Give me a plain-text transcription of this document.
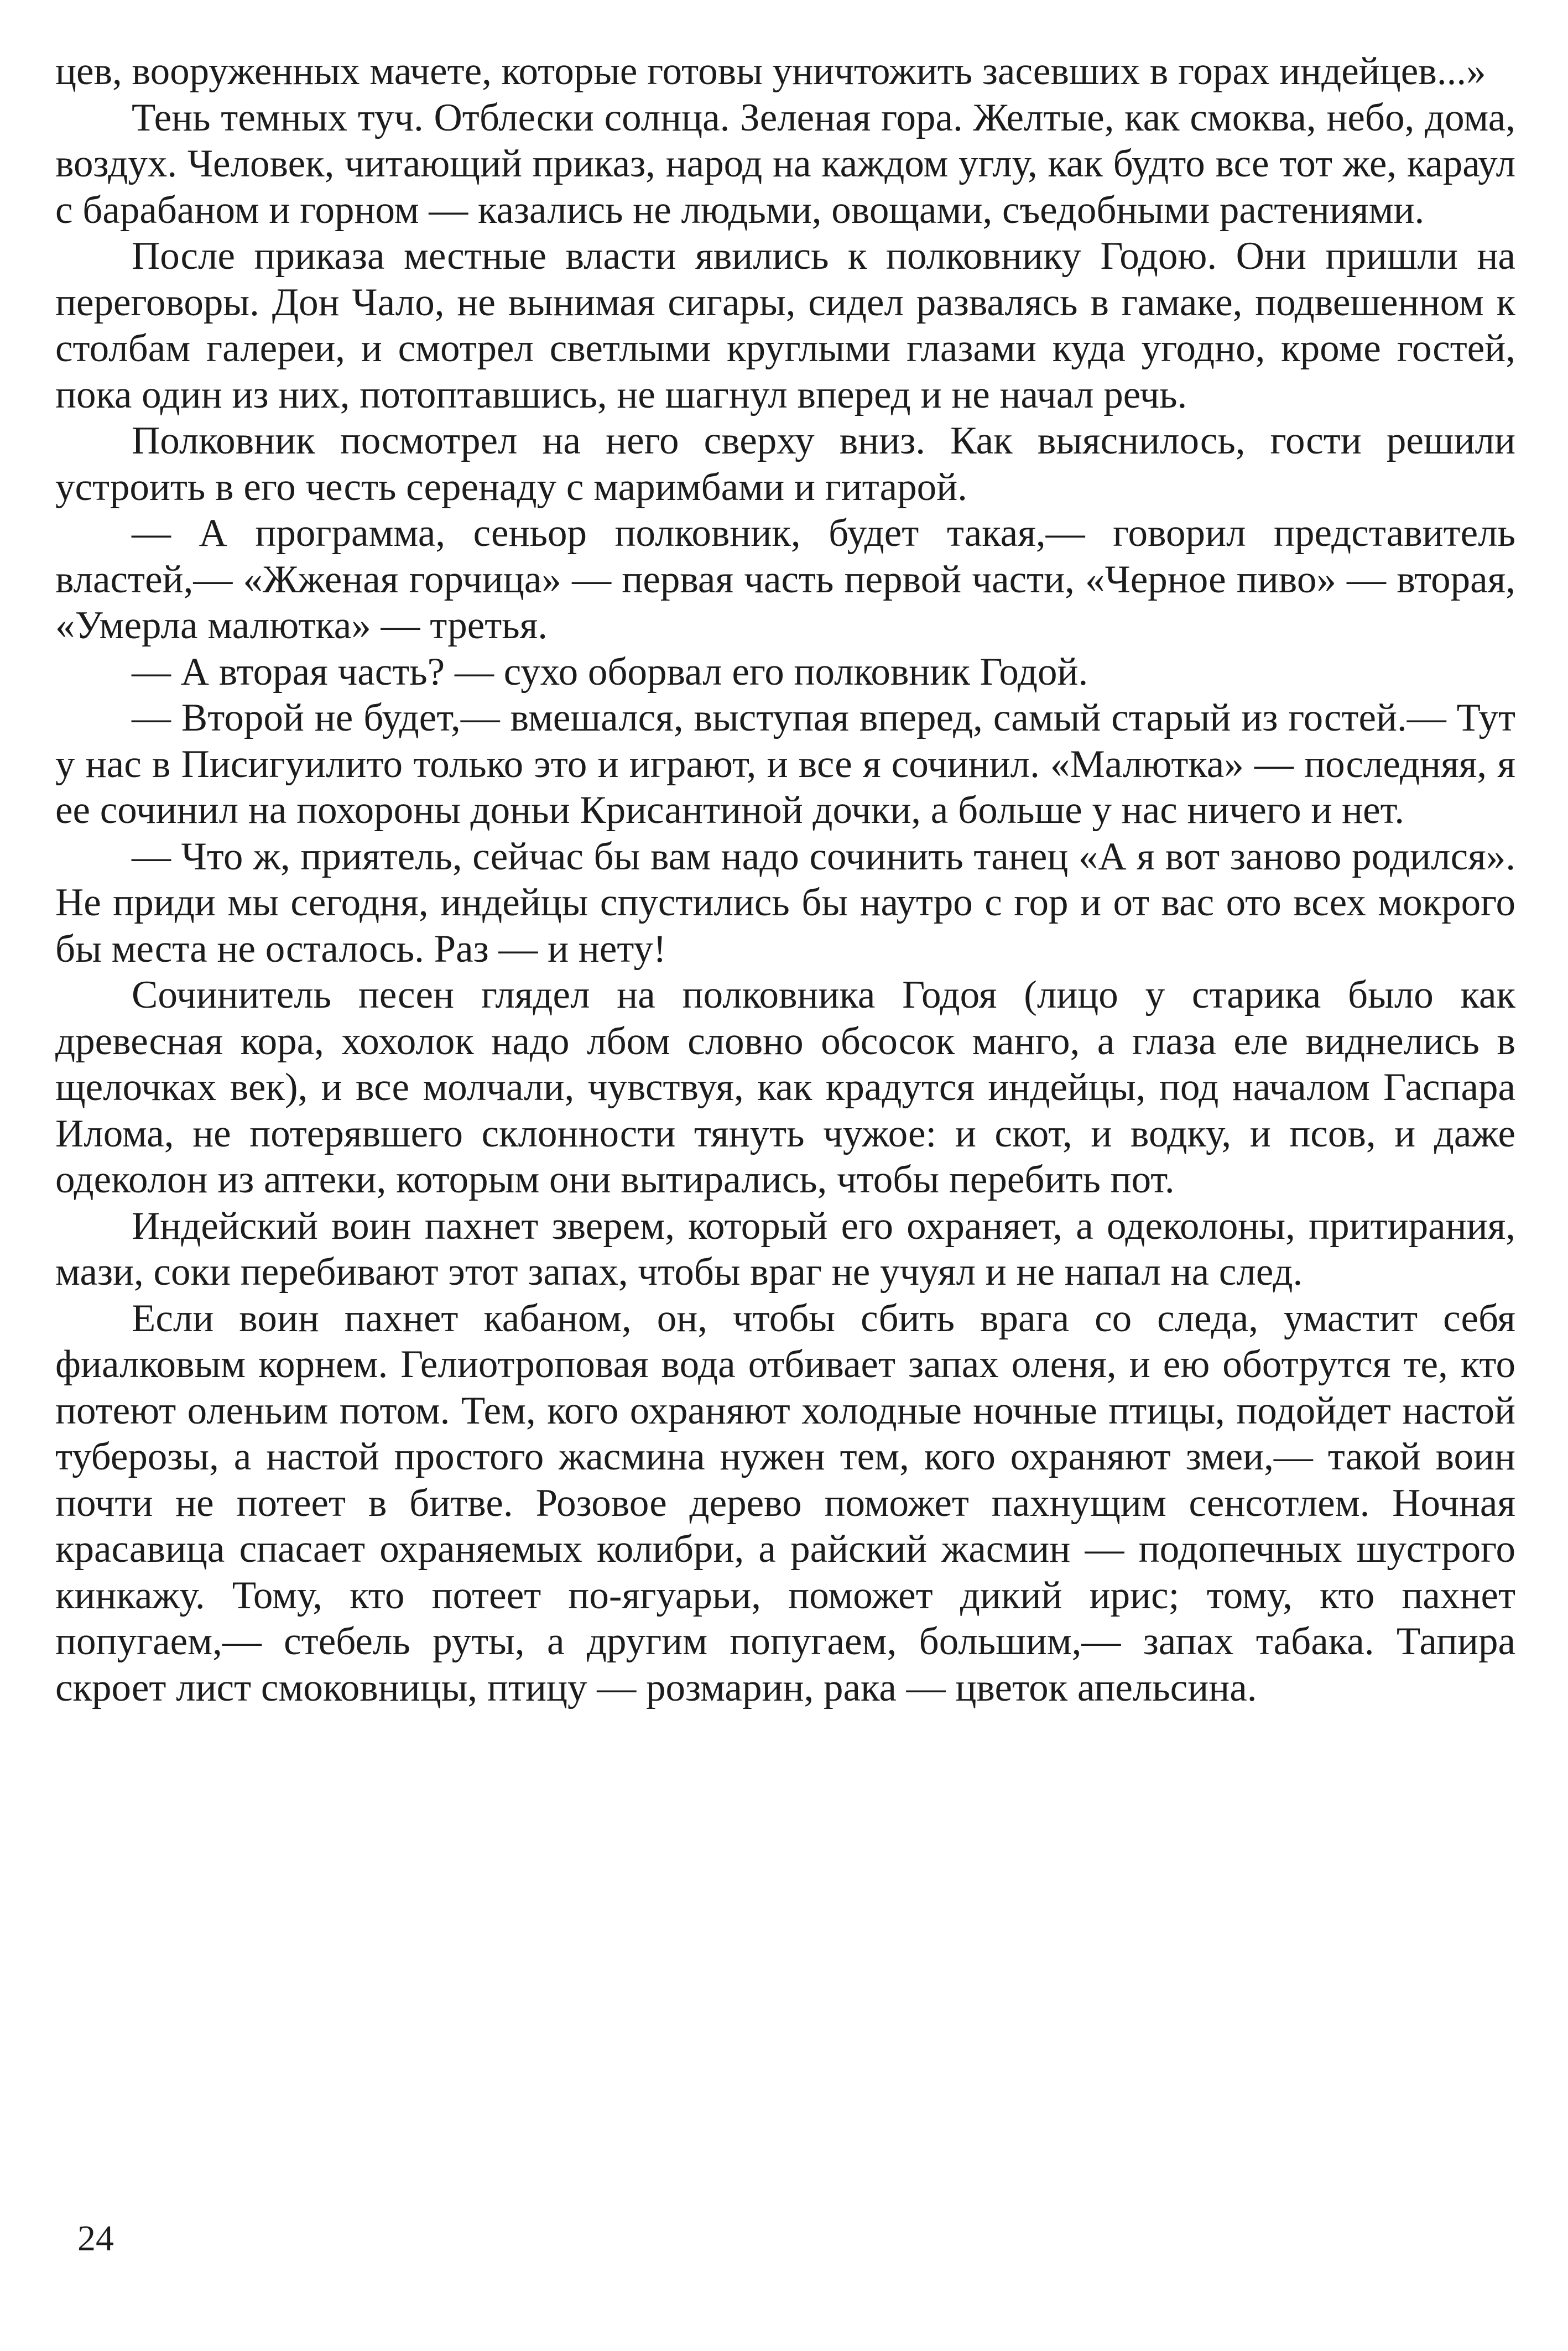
цев, вооруженных мачете, которые готовы уничтожить засевших в горах индейцев...»

Тень темных туч. Отблески солнца. Зеленая гора. Желтые, как смоква, небо, дома, воздух. Человек, читающий приказ, народ на каждом углу, как будто все тот же, караул с барабаном и горном — казались не людьми, овощами, съедобными растениями.

После приказа местные власти явились к полковнику Годою. Они пришли на переговоры. Дон Чало, не вынимая сигары, сидел развалясь в гамаке, подвешенном к столбам галереи, и смотрел светлыми круглыми глазами куда угодно, кроме гостей, пока один из них, потоптавшись, не шагнул вперед и не начал речь.

Полковник посмотрел на него сверху вниз. Как выяснилось, гости решили устроить в его честь серенаду с маримбами и гитарой.

— А программа, сеньор полковник, будет такая,— говорил представитель властей,— «Жженая горчица» — первая часть первой части, «Черное пиво» — вторая, «Умерла малютка» — третья.

— А вторая часть? — сухо оборвал его полковник Годой.

— Второй не будет,— вмешался, выступая вперед, самый старый из гостей.— Тут у нас в Писигуилито только это и играют, и все я сочинил. «Малютка» — последняя, я ее сочинил на похороны доньи Крисантиной дочки, а больше у нас ничего и нет.

— Что ж, приятель, сейчас бы вам надо сочинить танец «А я вот заново родился». Не приди мы сегодня, индейцы спустились бы наутро с гор и от вас ото всех мокрого бы места не осталось. Раз — и нету!

Сочинитель песен глядел на полковника Годоя (лицо у старика было как древесная кора, хохолок надо лбом словно обсосок манго, а глаза еле виднелись в щелочках век), и все молчали, чувствуя, как крадутся индейцы, под началом Гаспара Илома, не потерявшего склонности тянуть чужое: и скот, и водку, и псов, и даже одеколон из аптеки, которым они вытирались, чтобы перебить пот.

Индейский воин пахнет зверем, который его охраняет, а одеколоны, притирания, мази, соки перебивают этот запах, чтобы враг не учуял и не напал на след.

Если воин пахнет кабаном, он, чтобы сбить врага со следа, умастит себя фиалковым корнем. Гелиотроповая вода отбивает запах оленя, и ею оботрутся те, кто потеют оленьим потом. Тем, кого охраняют холодные ночные птицы, подойдет настой туберозы, а настой простого жасмина нужен тем, кого охраняют змеи,— такой воин почти не потеет в битве. Розовое дерево поможет пахнущим сенсотлем. Ночная красавица спасает охраняемых колибри, а райский жасмин — подопечных шустрого кинкажу. Тому, кто потеет по-ягуарьи, поможет дикий ирис; тому, кто пахнет попугаем,— стебель руты, а другим попугаем, большим,— запах табака. Тапира скроет лист смоковницы, птицу — розмарин, рака — цветок апельсина.

24
